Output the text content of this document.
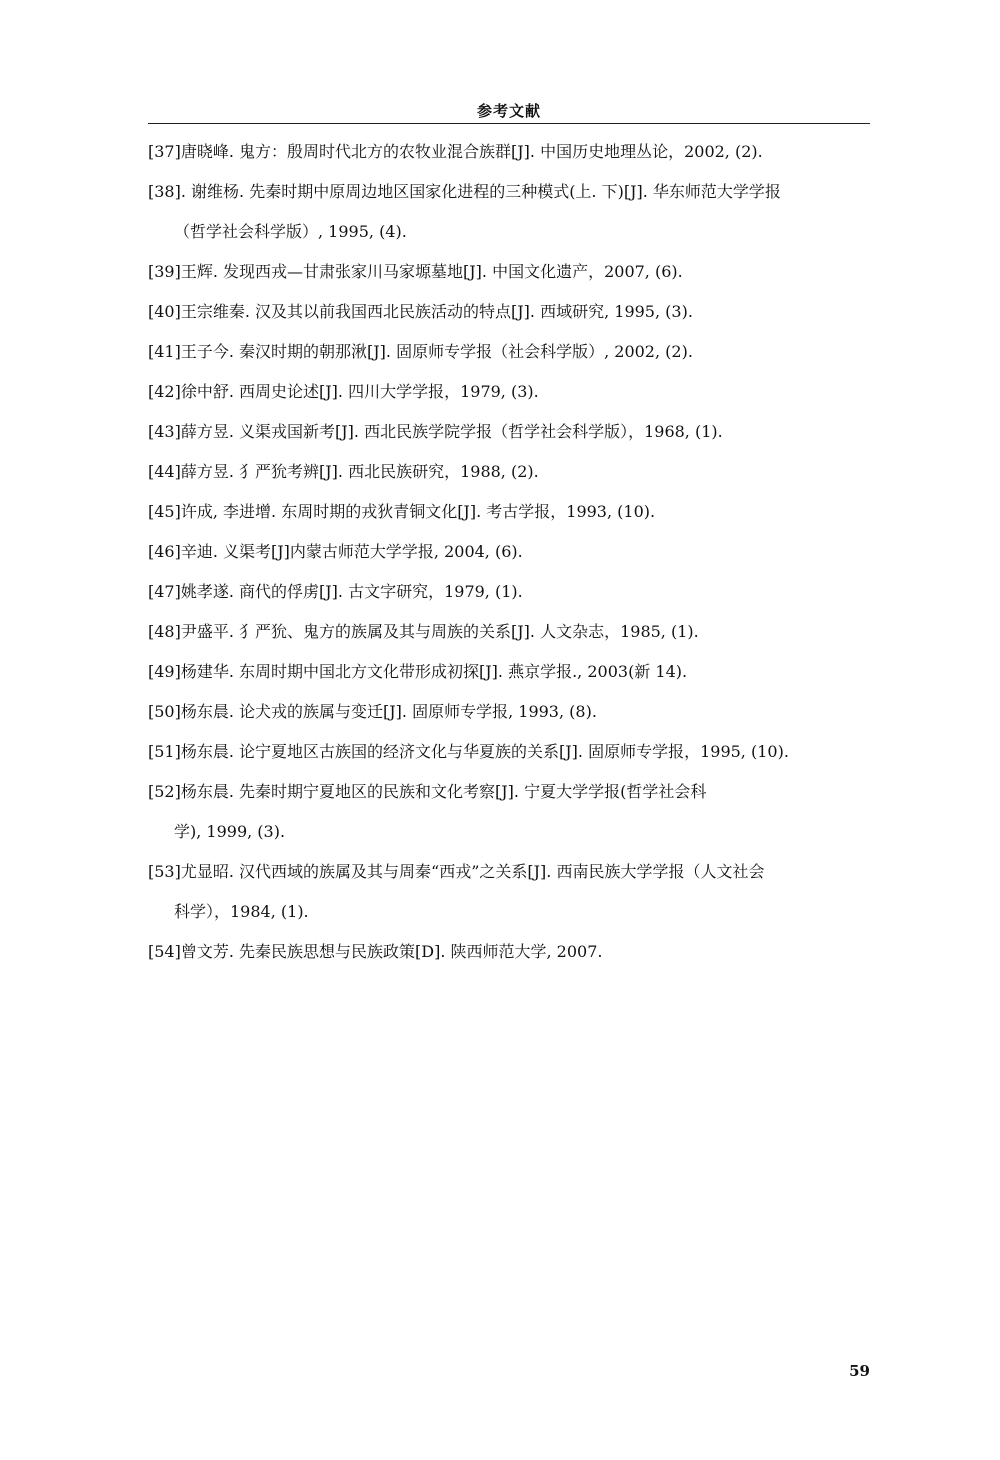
参考文献
[37]唐晓峰. 鬼方：殷周时代北方的农牧业混合族群[J]. 中国历史地理丛论，2002, (2).
[38]. 谢维杨. 先秦时期中原周边地区国家化进程的三种模式(上. 下)[J]. 华东师范大学学报
（哲学社会科学版）, 1995, (4).
[39]王辉. 发现西戎—甘肃张家川马家塬墓地[J]. 中国文化遗产，2007, (6).
[40]王宗维秦. 汉及其以前我国西北民族活动的特点[J]. 西域研究, 1995, (3).
[41]王子今. 秦汉时期的朝那湫[J]. 固原师专学报（社会科学版）, 2002, (2).
[42]徐中舒. 西周史论述[J]. 四川大学学报，1979, (3).
[43]薛方昱. 义渠戎国新考[J]. 西北民族学院学报（哲学社会科学版），1968, (1).
[44]薛方昱. 犭严狁考辨[J]. 西北民族研究，1988, (2).
[45]许成, 李进增. 东周时期的戎狄青铜文化[J]. 考古学报，1993, (10).
[46]辛迪. 义渠考[J]内蒙古师范大学学报, 2004, (6).
[47]姚孝遂. 商代的俘虏[J]. 古文字研究，1979, (1).
[48]尹盛平. 犭严狁、鬼方的族属及其与周族的关系[J]. 人文杂志，1985, (1).
[49]杨建华. 东周时期中国北方文化带形成初探[J]. 燕京学报., 2003(新 14).
[50]杨东晨. 论犬戎的族属与变迁[J]. 固原师专学报, 1993, (8).
[51]杨东晨. 论宁夏地区古族国的经济文化与华夏族的关系[J]. 固原师专学报，1995, (10).
[52]杨东晨. 先秦时期宁夏地区的民族和文化考察[J]. 宁夏大学学报(哲学社会科
学), 1999, (3).
[53]尤显昭. 汉代西域的族属及其与周秦“西戎”之关系[J]. 西南民族大学学报（人文社会
科学），1984, (1).
[54]曾文芳. 先秦民族思想与民族政策[D]. 陕西师范大学, 2007.
59
